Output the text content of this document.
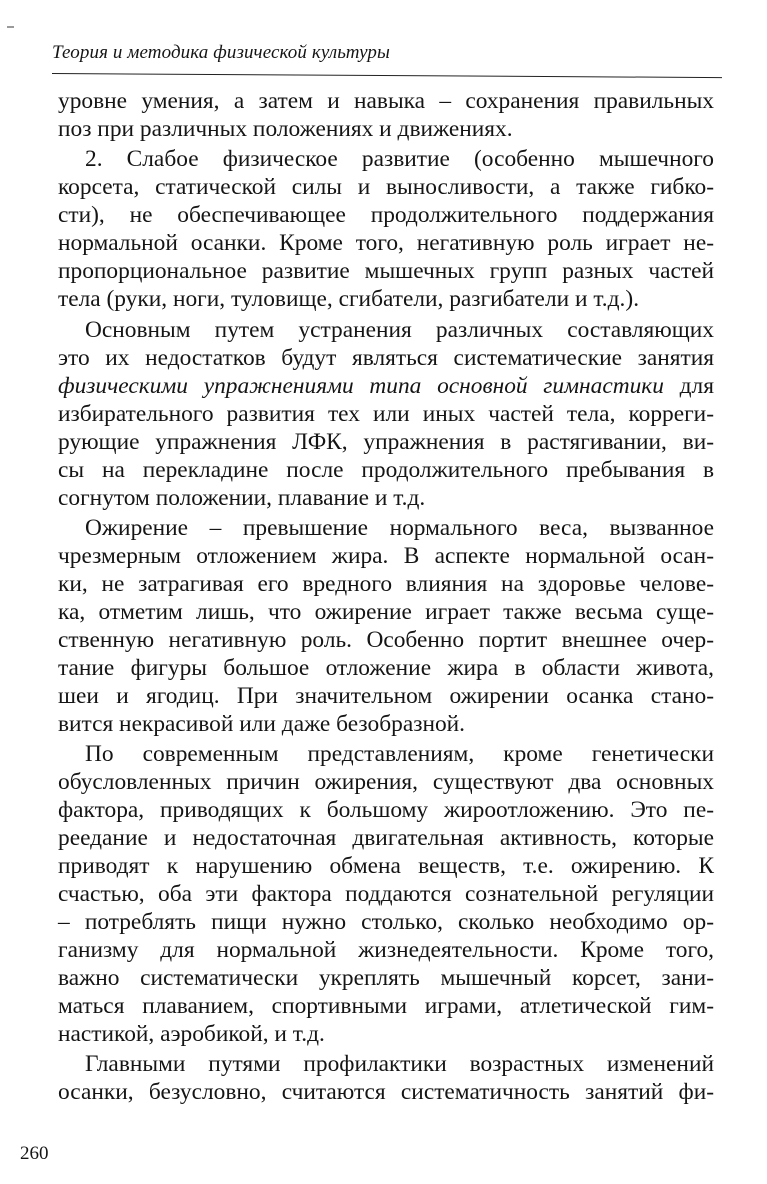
Теория и методика физической культуры
уровне умения, а затем и навыка – сохранения правильных
поз при различных положениях и движениях.
2. Слабое физическое развитие (особенно мышечного
корсета, статической силы и выносливости, а также гибко-
сти), не обеспечивающее продолжительного поддержания
нормальной осанки. Кроме того, негативную роль играет не-
пропорциональное развитие мышечных групп разных частей
тела (руки, ноги, туловище, сгибатели, разгибатели и т.д.).
Основным путем устранения различных составляющих
это их недостатков будут являться систематические занятия
физическими упражнениями типа основной гимнастики для
избирательного развития тех или иных частей тела, корреги-
рующие упражнения ЛФК, упражнения в растягивании, ви-
сы на перекладине после продолжительного пребывания в
согнутом положении, плавание и т.д.
Ожирение – превышение нормального веса, вызванное
чрезмерным отложением жира. В аспекте нормальной осан-
ки, не затрагивая его вредного влияния на здоровье челове-
ка, отметим лишь, что ожирение играет также весьма суще-
ственную негативную роль. Особенно портит внешнее очер-
тание фигуры большое отложение жира в области живота,
шеи и ягодиц. При значительном ожирении осанка стано-
вится некрасивой или даже безобразной.
По современным представлениям, кроме генетически
обусловленных причин ожирения, существуют два основных
фактора, приводящих к большому жироотложению. Это пе-
реедание и недостаточная двигательная активность, которые
приводят к нарушению обмена веществ, т.е. ожирению. К
счастью, оба эти фактора поддаются сознательной регуляции
– потреблять пищи нужно столько, сколько необходимо ор-
ганизму для нормальной жизнедеятельности. Кроме того,
важно систематически укреплять мышечный корсет, зани-
маться плаванием, спортивными играми, атлетической гим-
настикой, аэробикой, и т.д.
Главными путями профилактики возрастных изменений
осанки, безусловно, считаются систематичность занятий фи-
260
